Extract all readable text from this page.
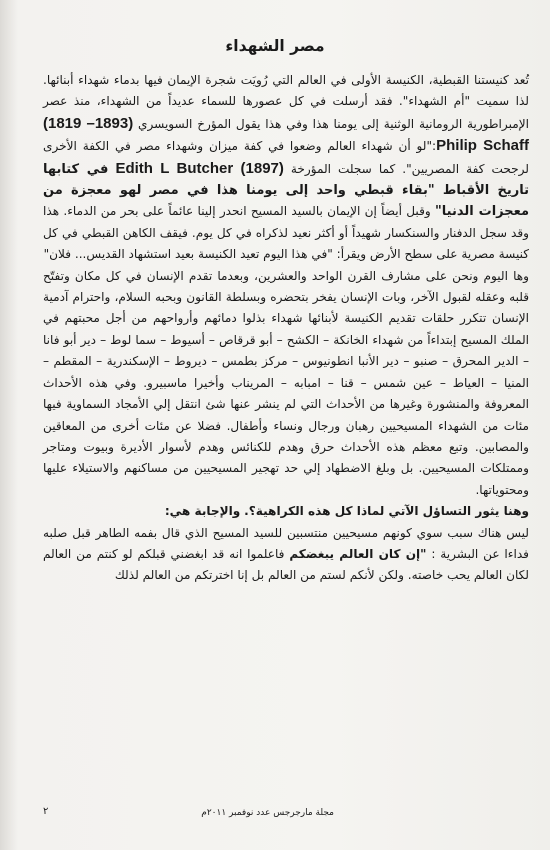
مصر الشهداء

تُعد كنيستنا القبطية، الكنيسة الأولى في العالم التي رُويَت شجرة الإيمان فيها بدماء شهداء أبنائها. لذا سميت "أم الشهداء". فقد أرسلت في كل عصورها للسماء عديداً من الشهداء، منذ عصر الإمبراطورية الرومانية الوثنية إلى يومنا هذا وفي هذا يقول المؤرخ السويسري (1819 –1893) Philip Schaff:"لو أن شهداء العالم وضعوا في كفة ميزان وشهداء مصر في الكفة الأخرى لرجحت كفة المصريين". كما سجلت المؤرخة Edith L Butcher (1897) في كتابها تاريخ الأقباط "بقاء قبطي واحد إلى يومنا هذا في مصر لهو معجزة من معجزات الدنيا" وقبل أيضاً إن الإيمان بالسيد المسيح انحدر إلينا عائماً على بحر من الدماء. هذا وقد سجل الدفنار والسنكسار شهيداً أو أكثر نعيد لذكراه في كل يوم. فيقف الكاهن القبطي في كل كنيسة مصرية على سطح الأرض ويقرأ: "في هذا اليوم تعيد الكنيسة بعيد استشهاد القديس... فلان"

وها اليوم ونحن على مشارف القرن الواحد والعشرين، وبعدما تقدم الإنسان في كل مكان وتفتّح قلبه وعقله لقبول الآخر، وبات الإنسان يفخر بتحضره وبسلطة القانون وبحبه السلام، واحترام آدمية الإنسان تتكرر حلقات تقديم الكنيسة لأبنائها شهداء بذلوا دمائهم وأرواحهم من أجل محبتهم في الملك المسيح إبتداءاً من شهداء الخانكة – الكشح – أبو قرقاص – أسيوط – سما لوط – دير أبو فانا – الدير المحرق – صنبو – دير الأنبا انطونيوس – مركز بطمس – ديروط – الإسكندرية – المقطم – المنيا – العياط – عين شمس – قنا – امبابه – المريناب وأخيرا ماسبيرو. وفي هذه الأحداث المعروفة والمنشورة وغيرها من الأحداث التي لم ينشر عنها شئ انتقل إلي الأمجاد السماوية فيها مئات من الشهداء المسيحيين رهبان ورجال ونساء وأطفال. فضلا عن مئات أخرى من المعاقين والمصابين. وتبع معظم هذه الأحداث حرق وهدم للكنائس وهدم لأسوار الأديرة وبيوت ومتاجر وممتلكات المسيحيين. بل وبلغ الاضطهاد إلي حد تهجير المسيحيين من مساكنهم والاستيلاء عليها ومحتوياتها.

وهنا يثور التساؤل الآتي لماذا كل هذه الكراهية؟. والإجابة هي:

ليس هناك سبب سوي كونهم مسيحيين منتسبين للسيد المسيح الذي قال بفمه الطاهر قبل صلبه فداءا عن البشرية : "إن كان العالم يبغضكم فاعلموا انه قد ابغضني قبلكم لو كنتم من العالم لكان العالم يحب خاصته. ولكن لأنكم لستم من العالم بل إنا اخترتكم من العالم لذلك

مجلة مارجرجس عدد نوفمبر ٢٠١١م
٢
